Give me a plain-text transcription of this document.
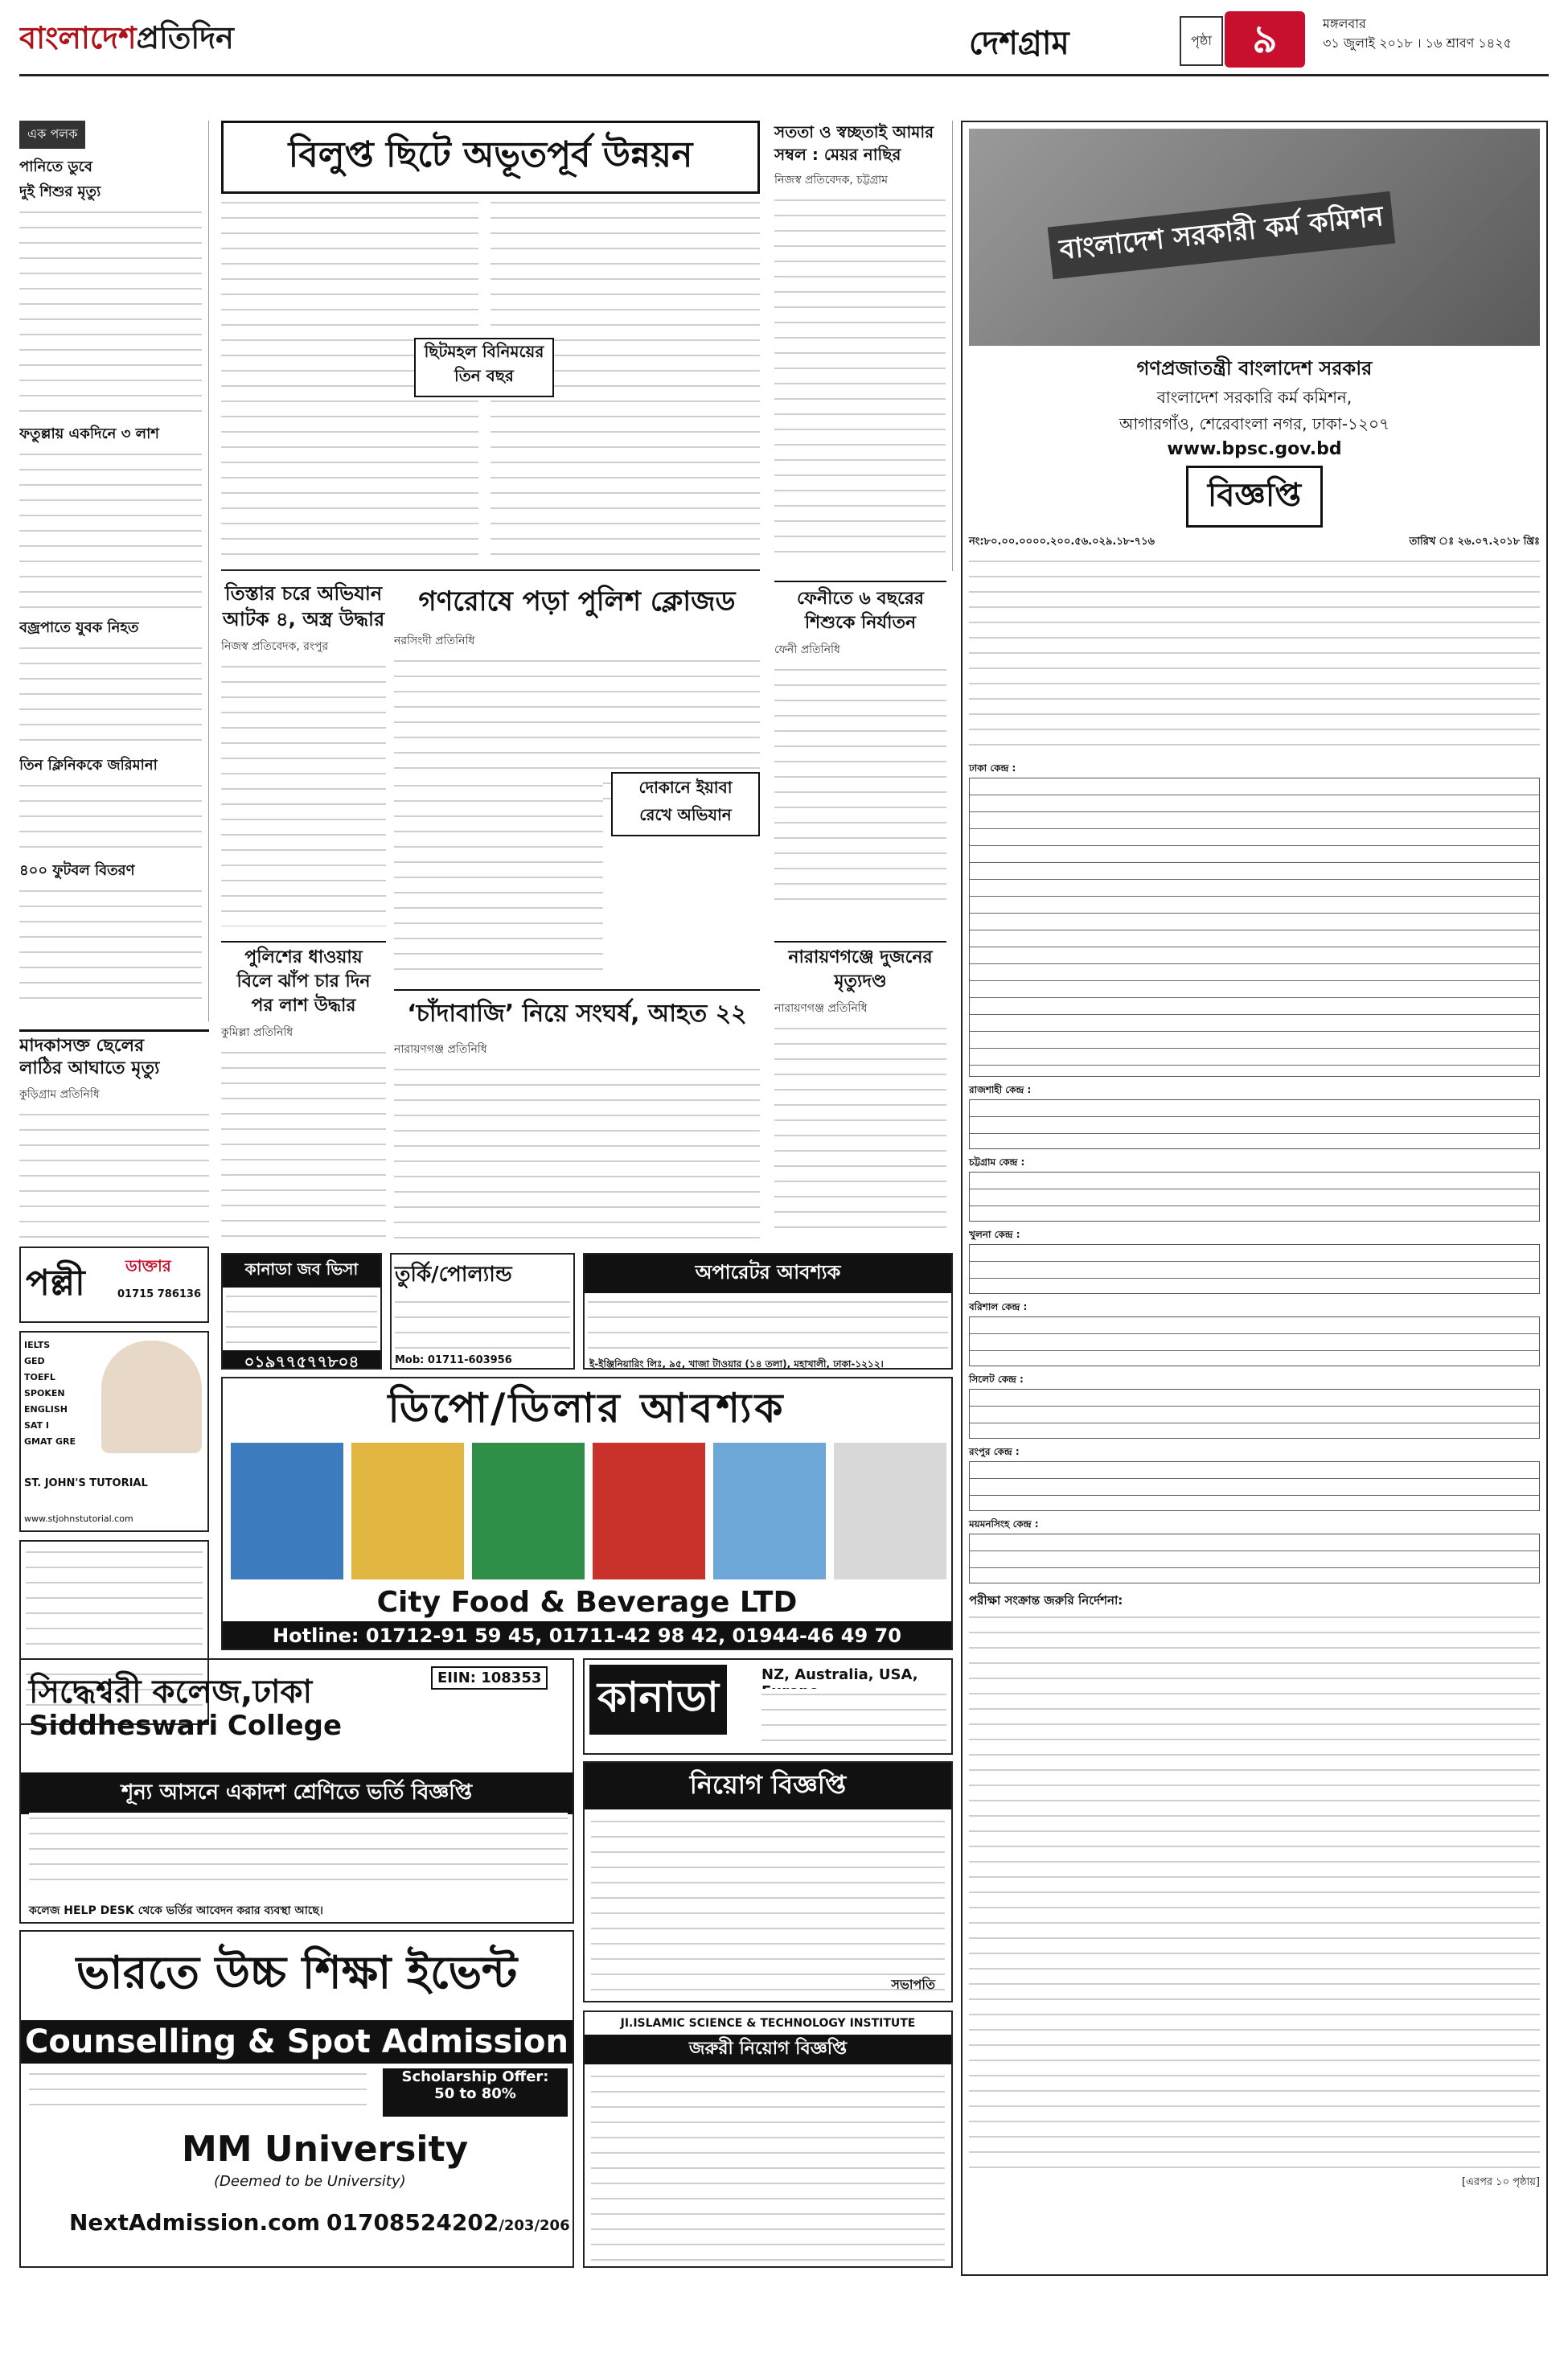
বাংলাদেশপ্রতিদিন	দেশগ্রাম	পৃষ্ঠা	৯	মঙ্গলবার
৩১ জুলাই ২০১৮ । ১৬ শ্রাবণ ১৪২৫
এক পলক
পানিতে ডুবে
দুই শিশুর মৃত্যু
ফতুল্লায় একদিনে ৩ লাশ
বজ্রপাতে যুবক নিহত
তিন ক্লিনিককে জরিমানা
৪০০ ফুটবল বিতরণ
মাদকাসক্ত ছেলের
লাঠির আঘাতে মৃত্যু
কুড়িগ্রাম প্রতিনিধি
পল্লী	ডাক্তার
01715 786136
IELTS
GED
TOEFL
SPOKEN ENGLISH
SAT I
GMAT GRE
ST. JOHN'S TUTORIAL
www.stjohnstutorial.com
বিলুপ্ত ছিটে অভূতপূর্ব উন্নয়ন
ছিটমহল বিনিময়ের
তিন বছর
সততা ও স্বচ্ছতাই আমার
সম্বল : মেয়র নাছির
নিজস্ব প্রতিবেদক, চট্টগ্রাম
তিস্তার চরে অভিযান
আটক ৪, অস্ত্র উদ্ধার
নিজস্ব প্রতিবেদক, রংপুর
গণরোষে পড়া পুলিশ ক্লোজড
নরসিংদী প্রতিনিধি
দোকানে ইয়াবা
রেখে অভিযান
ফেনীতে ৬ বছরের
শিশুকে নির্যাতন
ফেনী প্রতিনিধি
পুলিশের ধাওয়ায়
বিলে ঝাঁপ চার দিন
পর লাশ উদ্ধার
কুমিল্লা প্রতিনিধি
‘চাঁদাবাজি’ নিয়ে সংঘর্ষ, আহত ২২
নারায়ণগঞ্জ প্রতিনিধি
নারায়ণগঞ্জে দুজনের
মৃত্যুদণ্ড
নারায়ণগঞ্জ প্রতিনিধি
কানাডা জব ভিসা
০১৯৭৭৫৭৭৮০৪
তুর্কি/পোল্যান্ড
Mob: 01711-603956
অপারেটর আবশ্যক
ই-ইঞ্জিনিয়ারিং লিঃ, ৯৫, খাজা টাওয়ার (১৪ তলা), মহাখালী, ঢাকা-১২১২।
ডিপো/ডিলার আবশ্যক
City Food & Beverage LTD
Hotline: 01712-91 59 45, 01711-42 98 42, 01944-46 49 70
সিদ্ধেশ্বরী কলেজ,ঢাকা
Siddheswari College
EIIN: 108353
শূন্য আসনে একাদশ শ্রেণিতে ভর্তি বিজ্ঞপ্তি
কলেজ HELP DESK থেকে ভর্তির আবেদন করার ব্যবস্থা আছে।
কানাডা	NZ, Australia, USA,
নিয়োগ বিজ্ঞপ্তি
সভাপতি
JI.ISLAMIC SCIENCE & TECHNOLOGY INSTITUTE
জরুরী নিয়োগ বিজ্ঞপ্তি
ভারতে উচ্চ শিক্ষা ইভেন্ট
Counselling & Spot Admission
Scholarship Offer:
50 to 80%
MM University
(Deemed to be University)
NextAdmission.com 01708524202/203/206
বাংলাদেশ সরকারী কর্ম কমিশন
গণপ্রজাতন্ত্রী বাংলাদেশ সরকার
বাংলাদেশ সরকারি কর্ম কমিশন,
আগারগাঁও, শেরেবাংলা নগর, ঢাকা-১২০৭
www.bpsc.gov.bd
বিজ্ঞপ্তি
নং:৮০.০০.০০০০.২০০.৫৬.০২৯.১৮-৭১৬	তারিখ ঃ ২৬.০৭.২০১৮ খ্রিঃ
ঢাকা কেন্দ্র :
রাজশাহী কেন্দ্র :
চট্টগ্রাম কেন্দ্র :
খুলনা কেন্দ্র :
বরিশাল কেন্দ্র :
সিলেট কেন্দ্র :
রংপুর কেন্দ্র :
ময়মনসিংহ কেন্দ্র :
পরীক্ষা সংক্রান্ত জরুরি নির্দেশনা:
[এরপর ১০ পৃষ্ঠায়]
